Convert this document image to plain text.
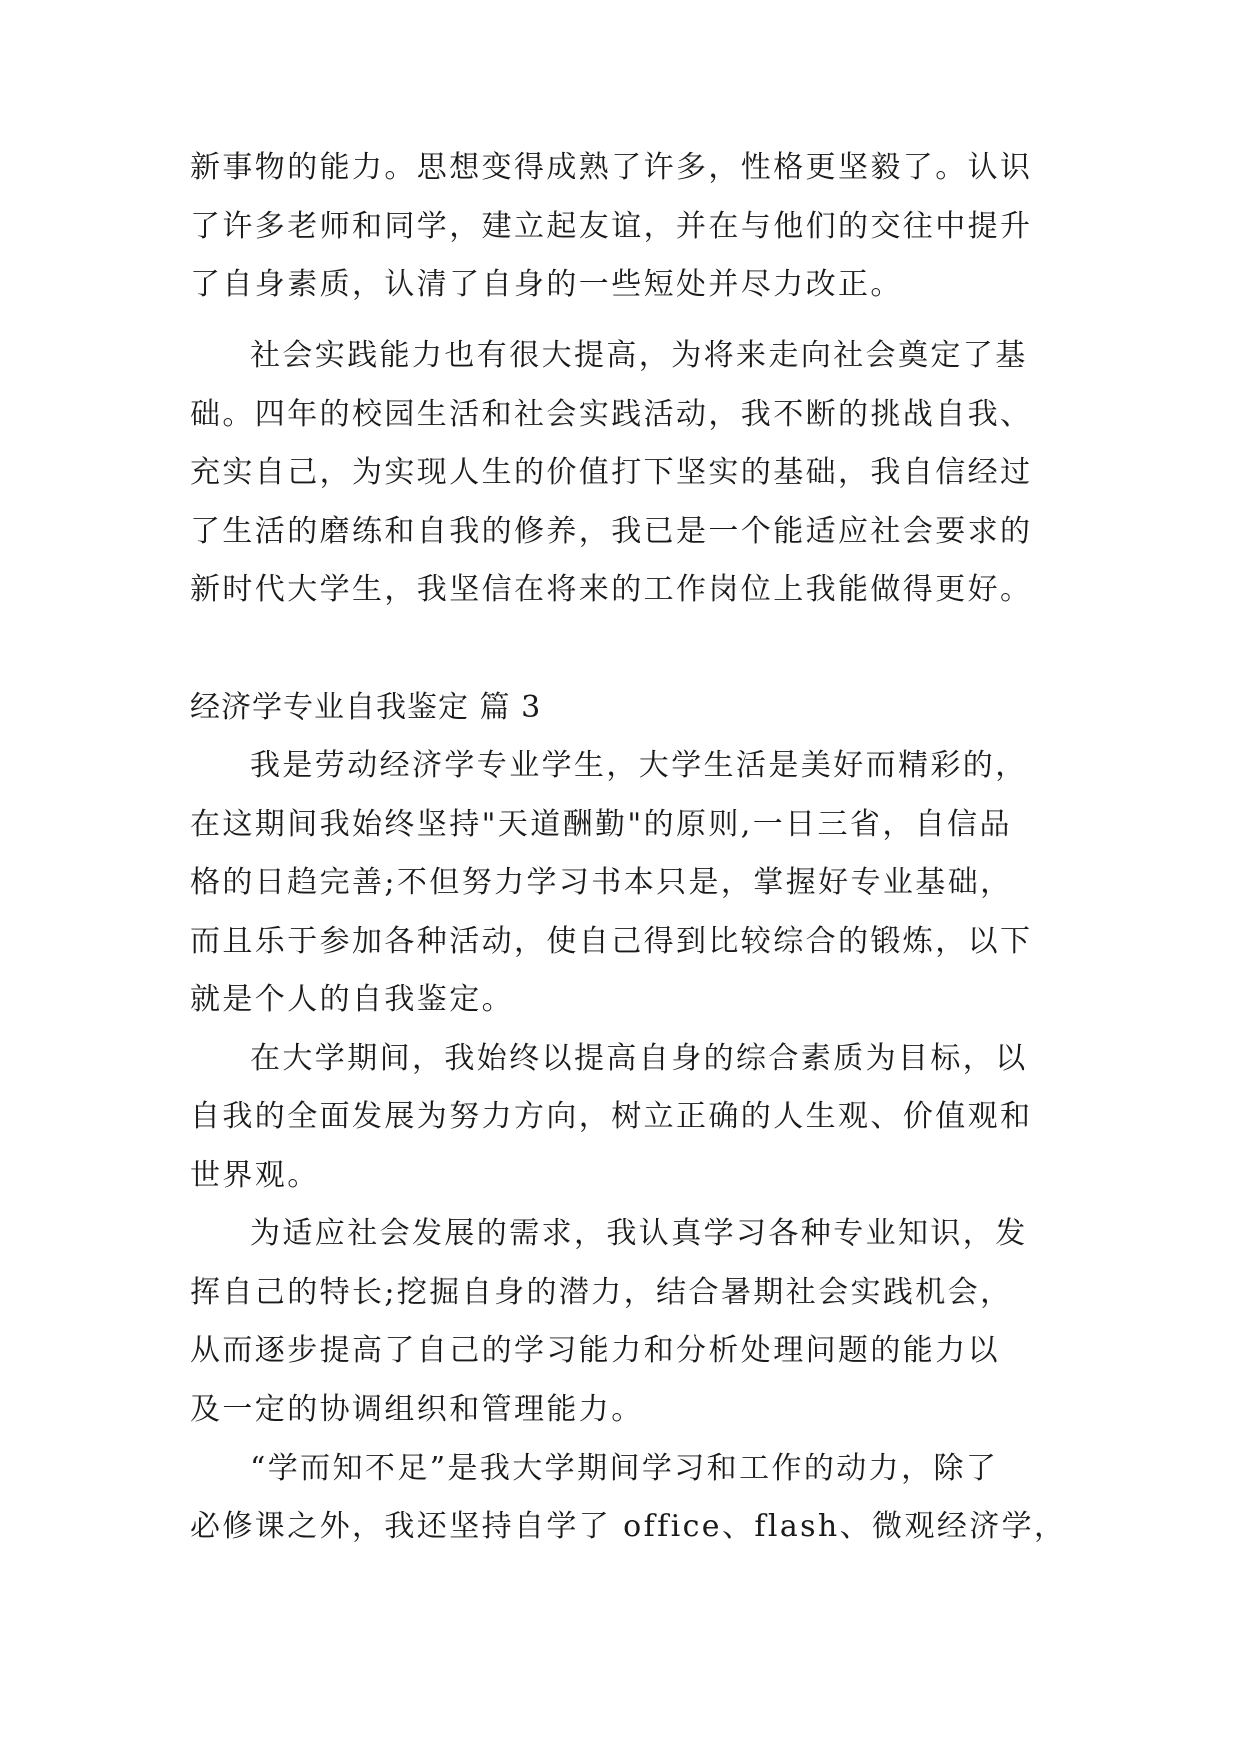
新事物的能力。思想变得成熟了许多，性格更坚毅了。认识
了许多老师和同学，建立起友谊，并在与他们的交往中提升
了自身素质，认清了自身的一些短处并尽力改正。
社会实践能力也有很大提高，为将来走向社会奠定了基
础。四年的校园生活和社会实践活动，我不断的挑战自我、
充实自己，为实现人生的价值打下坚实的基础，我自信经过
了生活的磨练和自我的修养，我已是一个能适应社会要求的
新时代大学生，我坚信在将来的工作岗位上我能做得更好。
经济学专业自我鉴定 篇 3
我是劳动经济学专业学生，大学生活是美好而精彩的，
在这期间我始终坚持"天道酬勤"的原则,一日三省，自信品
格的日趋完善;不但努力学习书本只是，掌握好专业基础，
而且乐于参加各种活动，使自己得到比较综合的锻炼，以下
就是个人的自我鉴定。
在大学期间，我始终以提高自身的综合素质为目标，以
自我的全面发展为努力方向，树立正确的人生观、价值观和
世界观。
为适应社会发展的需求，我认真学习各种专业知识，发
挥自己的特长;挖掘自身的潜力，结合暑期社会实践机会，
从而逐步提高了自己的学习能力和分析处理问题的能力以
及一定的协调组织和管理能力。
“学而知不足”是我大学期间学习和工作的动力，除了
必修课之外，我还坚持自学了 office、flash、微观经济学，
